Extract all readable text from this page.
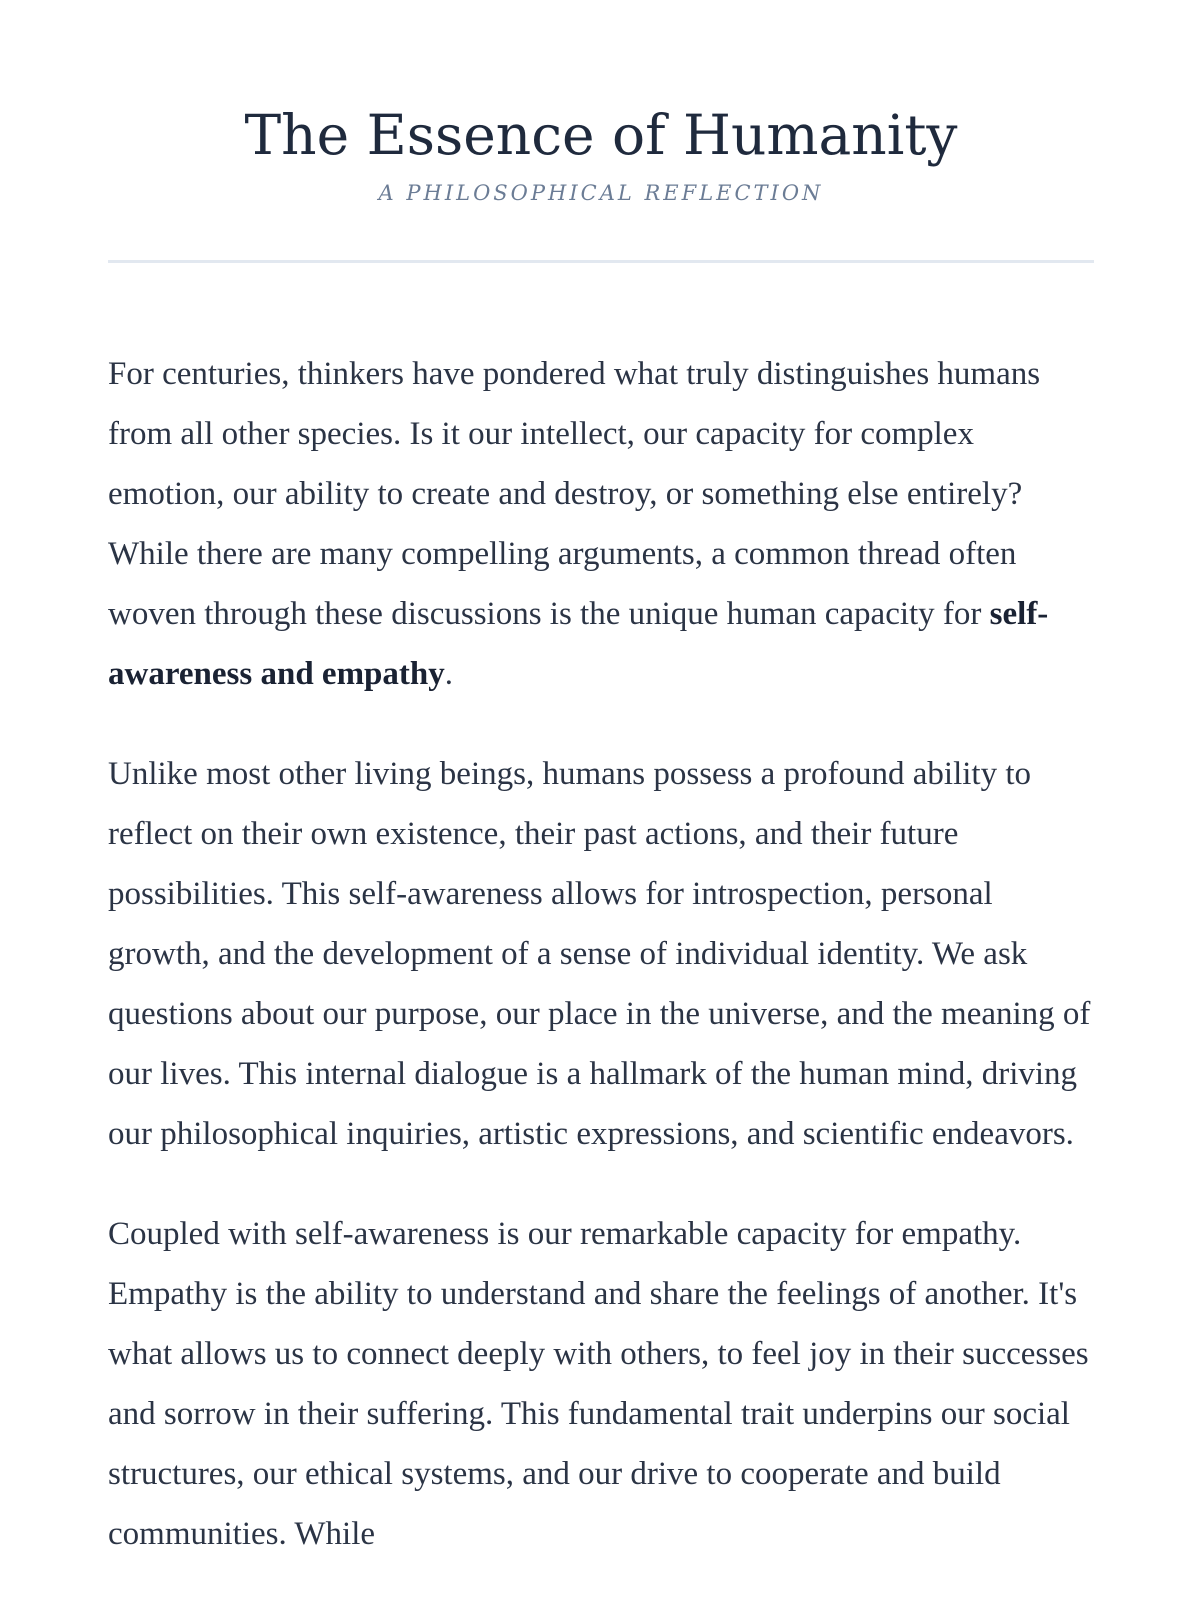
The Essence of Humanity
A PHILOSOPHICAL REFLECTION

For centuries, thinkers have pondered what truly distinguishes humans from all other species. Is it our intellect, our capacity for complex emotion, our ability to create and destroy, or something else entirely? While there are many compelling arguments, a common thread often woven through these discussions is the unique human capacity for self-awareness and empathy.

Unlike most other living beings, humans possess a profound ability to reflect on their own existence, their past actions, and their future possibilities. This self-awareness allows for introspection, personal growth, and the development of a sense of individual identity. We ask questions about our purpose, our place in the universe, and the meaning of our lives. This internal dialogue is a hallmark of the human mind, driving our philosophical inquiries, artistic expressions, and scientific endeavors.

Coupled with self-awareness is our remarkable capacity for empathy. Empathy is the ability to understand and share the feelings of another. It's what allows us to connect deeply with others, to feel joy in their successes and sorrow in their suffering. This fundamental trait underpins our social structures, our ethical systems, and our drive to cooperate and build communities. While
